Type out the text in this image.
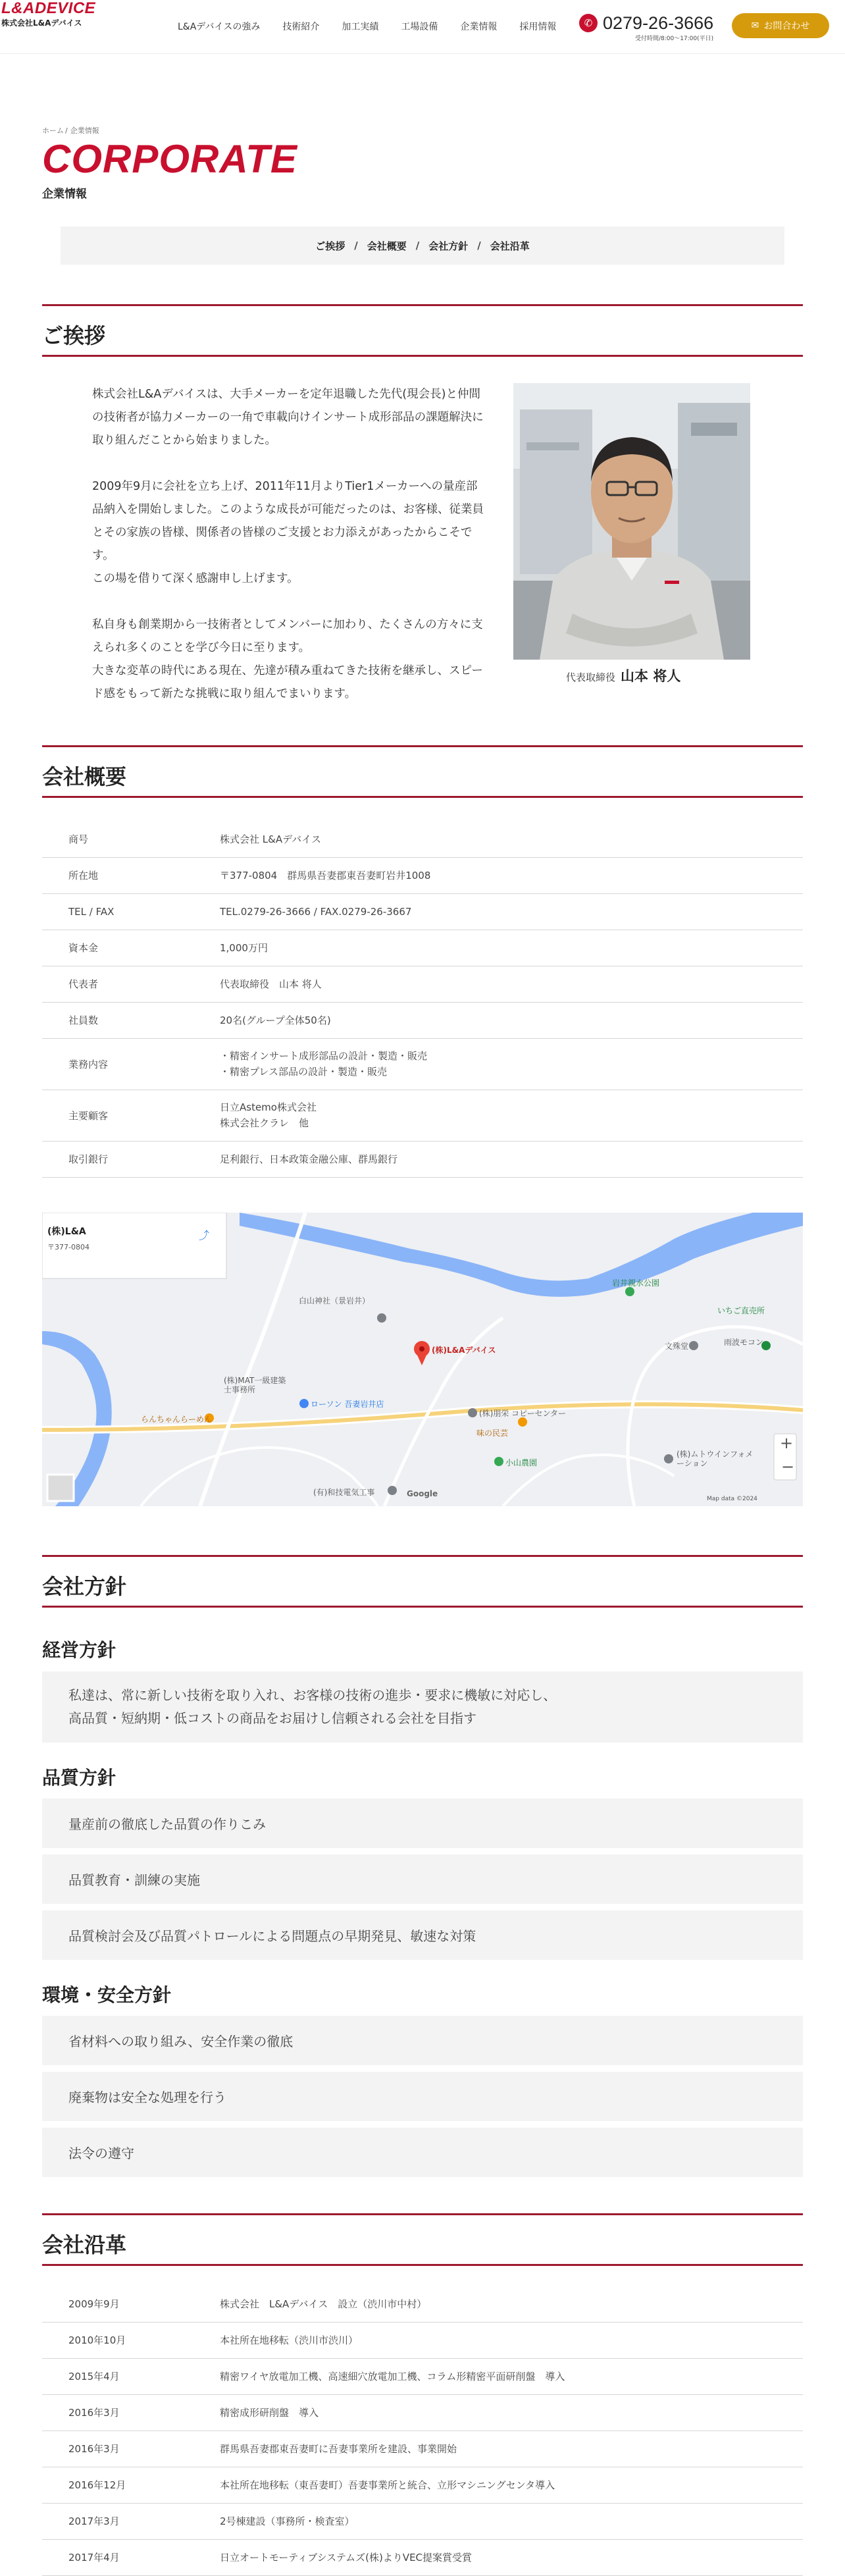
L&ADEVICE
株式会社L&Aデバイス	L&Aデバイスの強み 技術紹介 加工実績 工場設備 企業情報 採用情報	✆ 0279-26-3666
受付時間/8:00～17:00(平日)
✉ お問合わせ
ホーム / 企業情報
CORPORATE
企業情報
ご挨拶 / 会社概要 / 会社方針 / 会社沿革
ご挨拶

株式会社L&Aデバイスは、大手メーカーを定年退職した先代(現会長)と仲間の技術者が協力メーカーの一角で車載向けインサート成形部品の課題解決に取り組んだことから始まりました。

2009年9月に会社を立ち上げ、2011年11月よりTier1メーカーへの量産部品納入を開始しました。このような成長が可能だったのは、お客様、従業員とその家族の皆様、関係者の皆様のご支援とお力添えがあったからこそです。
この場を借りて深く感謝申し上げます。

私自身も創業期から一技術者としてメンバーに加わり、たくさんの方々に支えられ多くのことを学び今日に至ります。
大きな変革の時代にある現在、先達が積み重ねてきた技術を継承し、スピード感をもって新たな挑戦に取り組んでまいります。

代表取締役 山本 将人
会社概要
商号	株式会社 L&Aデバイス
所在地	〒377-0804　群馬県吾妻郡東吾妻町岩井1008
TEL / FAX	TEL.0279-26-3666 / FAX.0279-26-3667
資本金	1,000万円
代表者	代表取締役　山本 将人
社員数	20名(グループ全体50名)
業務内容	・精密インサート成形部品の設計・製造・販売
・精密プレス部品の設計・製造・販売
主要顧客	日立Astemo株式会社
株式会社クラレ　他
取引銀行	足利銀行、日本政策金融公庫、群馬銀行
(株)L&A
〒377-0804
⤴
(株)L&Aデバイス
白山神社（景岩井）
岩井親水公園
いちご直売所
雨波モコン
文殊堂
(株)MAT一級建築士事務所
ローソン 吾妻岩井店
らんちゃんらーめん
(株)朋栄 コピーセンター
味の民芸
小山農園
(株)ムトウインフォメーション
(有)和技電気工事	Google
Map data ©2024
+
−
会社方針
経営方針
私達は、常に新しい技術を取り入れ、お客様の技術の進歩・要求に機敏に対応し、
高品質・短納期・低コストの商品をお届けし信頼される会社を目指す
品質方針
量産前の徹底した品質の作りこみ
品質教育・訓練の実施
品質検討会及び品質パトロールによる問題点の早期発見、敏速な対策
環境・安全方針
省材料への取り組み、安全作業の徹底
廃棄物は安全な処理を行う
法令の遵守
会社沿革
2009年9月	株式会社　L&Aデバイス　設立（渋川市中村）
2010年10月	本社所在地移転（渋川市渋川）
2015年4月	精密ワイヤ放電加工機、高速細穴放電加工機、コラム形精密平面研削盤　導入
2016年3月	精密成形研削盤　導入
2016年3月	群馬県吾妻郡東吾妻町に吾妻事業所を建設、事業開始
2016年12月	本社所在地移転（東吾妻町）吾妻事業所と統合、立形マシニングセンタ導入
2017年3月	2号棟建設（事務所・検査室）
2017年4月	日立オートモーティブシステムズ(株)よりVEC提案賞受賞
